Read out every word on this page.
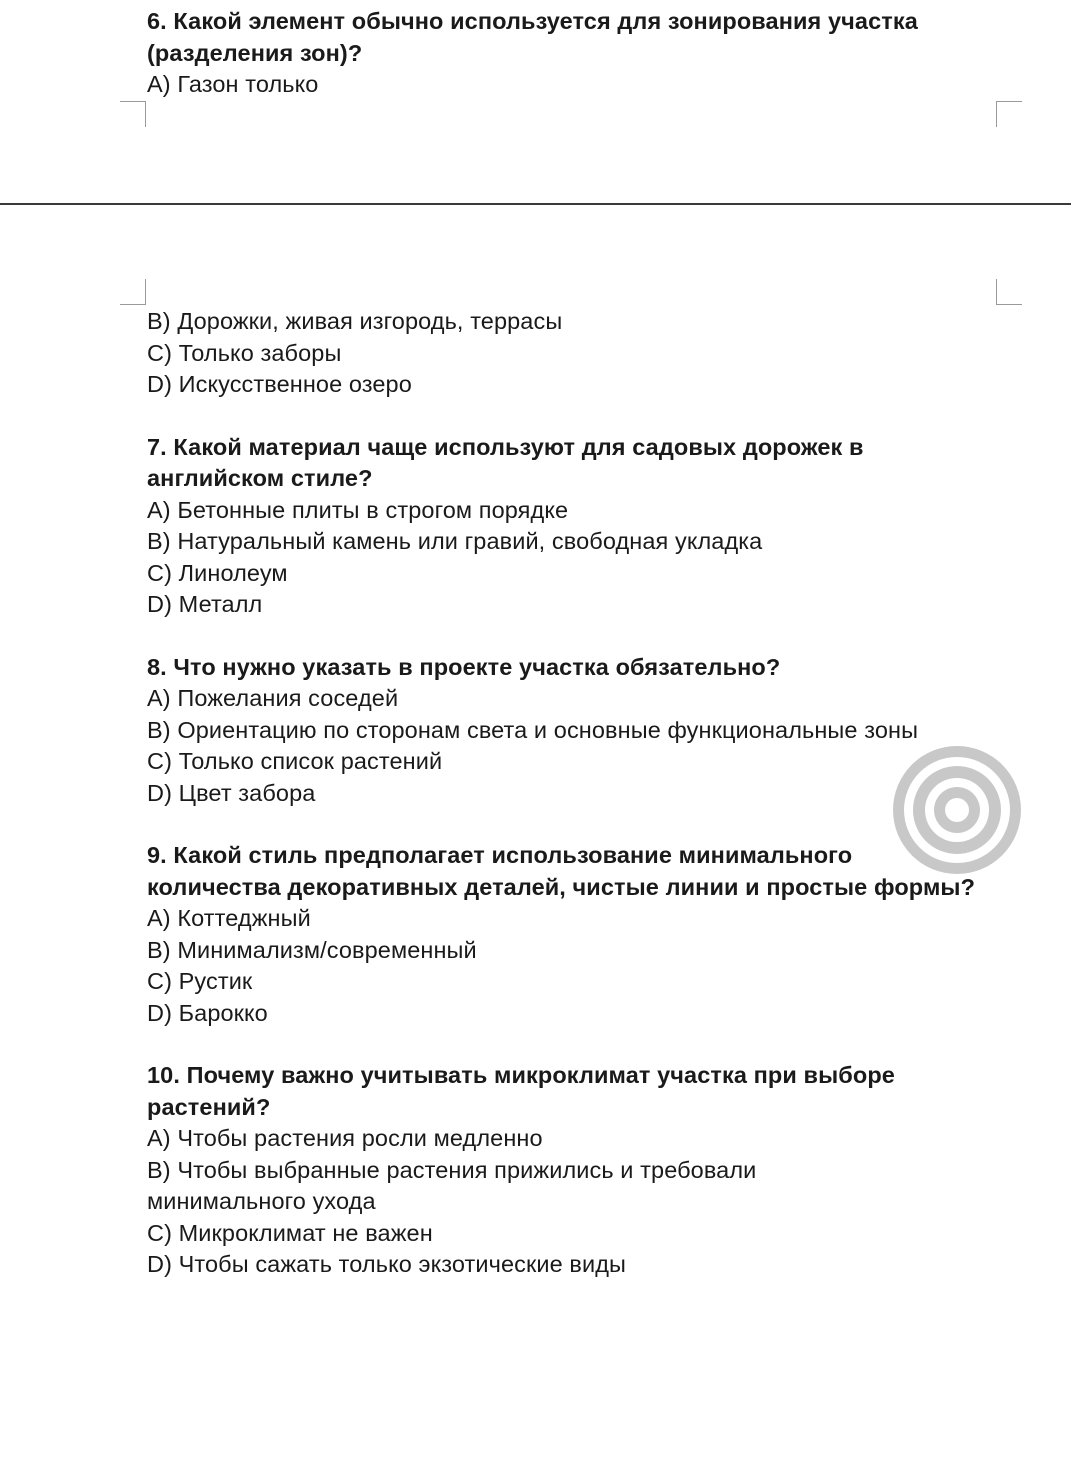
6. Какой элемент обычно используется для зонирования участка
(разделения зон)?
A) Газон только
B) Дорожки, живая изгородь, террасы
C) Только заборы
D) Искусственное озеро
7. Какой материал чаще используют для садовых дорожек в
английском стиле?
A) Бетонные плиты в строгом порядке
B) Натуральный камень или гравий, свободная укладка
C) Линолеум
D) Металл
8. Что нужно указать в проекте участка обязательно?
A) Пожелания соседей
B) Ориентацию по сторонам света и основные функциональные зоны
C) Только список растений
D) Цвет забора
9. Какой стиль предполагает использование минимального
количества декоративных деталей, чистые линии и простые формы?
A) Коттеджный
B) Минимализм/современный
C) Рустик
D) Барокко
10. Почему важно учитывать микроклимат участка при выборе
растений?
A) Чтобы растения росли медленно
B) Чтобы выбранные растения прижились и требовали
минимального ухода
C) Микроклимат не важен
D) Чтобы сажать только экзотические виды
